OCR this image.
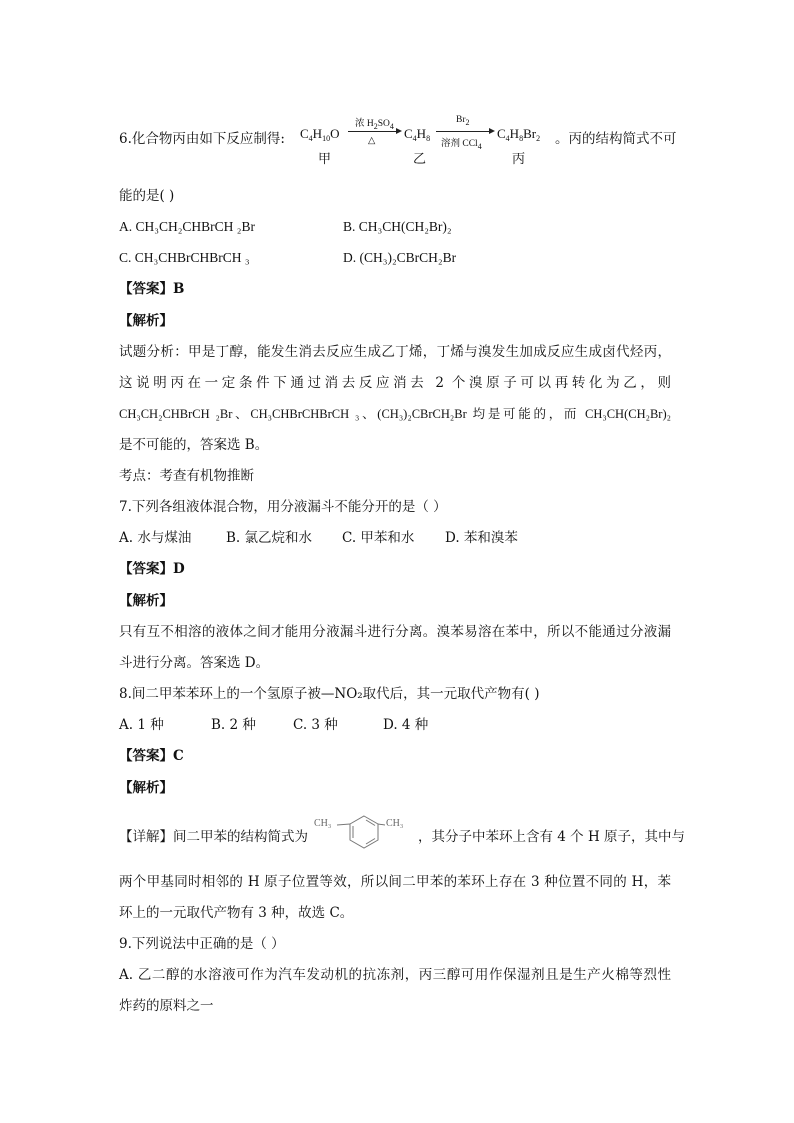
6.化合物丙由如下反应制得: $C_4H_{10}O$
浓 $H_2SO_4$
△ $C_4H_8$
$Br_2$
溶剂 CCl$_4$
$C_4H_8Br_2$
甲	乙	丙
。丙的结构简式不可
能的是( )
A. CH₃CH₂CHBrCH ₂Br	B. CH₃CH(CH₂Br)₂
C. CH₃CHBrCHBrCH ₃	D. (CH₃)₂CBrCH₂Br
【答案】B
【解析】
试题分析：甲是丁醇，能发生消去反应生成乙丁烯，丁烯与溴发生加成反应生成卤代烃丙，
这说明丙在一定条件下通过消去反应消去 2 个溴原子可以再转化为乙，则
CH₃CH₂CHBrCH ₂Br、CH₃CHBrCHBrCH ₃、(CH₃)₂CBrCH₂Br 均是可能的，而 CH₃CH(CH₂Br)₂
是不可能的，答案选 B。
考点：考查有机物推断
7.下列各组液体混合物，用分液漏斗不能分开的是（ ）
A. 水与煤油	B. 氯乙烷和水 C. 甲苯和水 D. 苯和溴苯
【答案】D
【解析】
只有互不相溶的液体之间才能用分液漏斗进行分离。溴苯易溶在苯中，所以不能通过分液漏
斗进行分离。答案选 D。
8.间二甲苯苯环上的一个氢原子被—NO₂取代后，其一元取代产物有( )
A. 1 种	B. 2 种	C. 3 种	D. 4 种
【答案】C
【解析】
【详解】间二甲苯的结构简式为
CH₃	CH₃
，其分子中苯环上含有 4 个 H 原子，其中与
两个甲基同时相邻的 H 原子位置等效，所以间二甲苯的苯环上存在 3 种位置不同的 H，苯
环上的一元取代产物有 3 种，故选 C。
9.下列说法中正确的是（ ）
A. 乙二醇的水溶液可作为汽车发动机的抗冻剂，丙三醇可用作保湿剂且是生产火棉等烈性
炸药的原料之一
